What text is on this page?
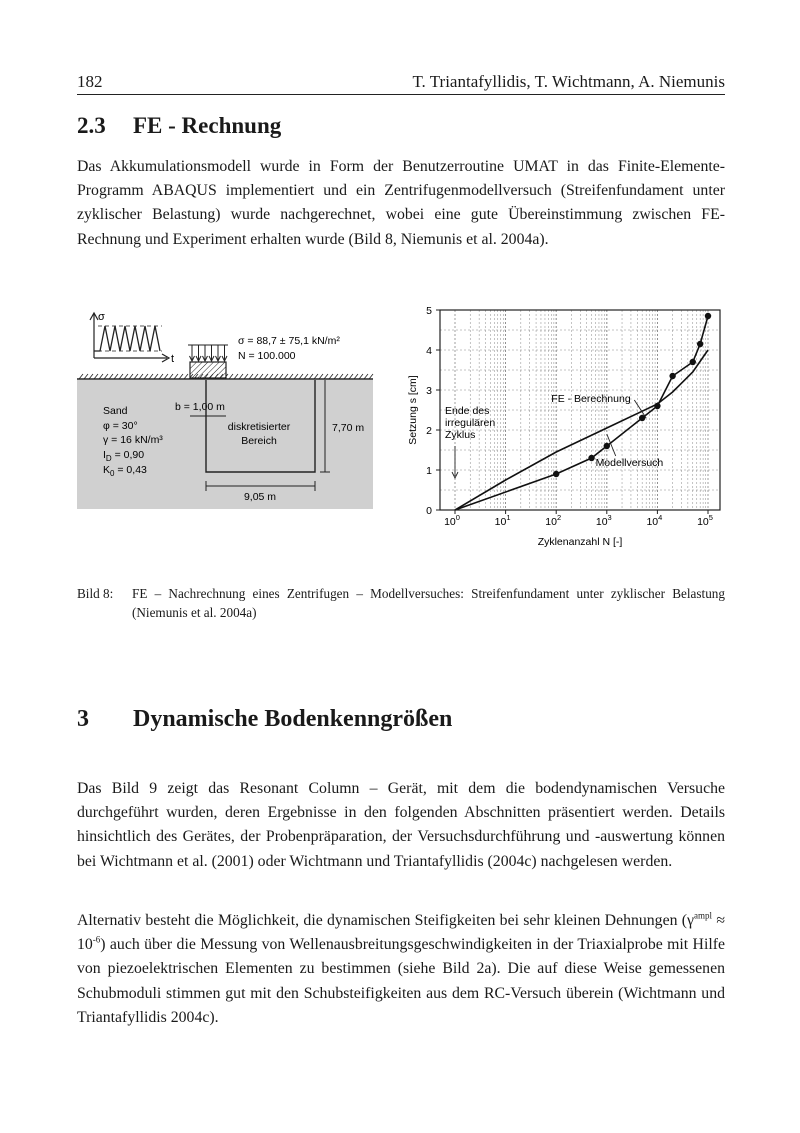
182	T. Triantafyllidis, T. Wichtmann, A. Niemunis
2.3 FE - Rechnung
Das Akkumulationsmodell wurde in Form der Benutzerroutine UMAT in das Finite-Elemente-Programm ABAQUS implementiert und ein Zentrifugenmodellversuch (Streifenfundament unter zyklischer Belastung) wurde nachgerechnet, wobei eine gute Übereinstimmung zwischen FE-Rechnung und Experiment erhalten wurde (Bild 8, Niemunis et al. 2004a).
σ
t
σ = 88,7 ± 75,1 kN/m²
N = 100.000
b = 1,00 m
Sand
φ = 30°
γ = 16 kN/m³
$I_D = 0,90$
$K_0 = 0,43$
diskretisierter
Bereich
7,70 m
9,05 m
0
1
2
3
4
5
$10^0$	$10^1$	$10^2$	$10^3$	$10^4$	$10^5$
Setzung s [cm]
Zyklenanzahl N [-]
FE - Berechnung
Ende des
irregulären
Zyklus
Modellversuch
Bild 8: FE – Nachrechnung eines Zentrifugen – Modellversuches: Streifenfundament unter zyklischer Belastung (Niemunis et al. 2004a)
3 Dynamische Bodenkenngrößen
Das Bild 9 zeigt das Resonant Column – Gerät, mit dem die bodendynamischen Versuche durchgeführt wurden, deren Ergebnisse in den folgenden Abschnitten präsentiert werden. Details hinsichtlich des Gerätes, der Probenpräparation, der Versuchsdurchführung und -auswertung können bei Wichtmann et al. (2001) oder Wichtmann und Triantafyllidis (2004c) nachgelesen werden.
Alternativ besteht die Möglichkeit, die dynamischen Steifigkeiten bei sehr kleinen Dehnungen $(\gamma^{ampl} \approx 10^{-6})$ auch über die Messung von Wellenausbreitungsgeschwindigkeiten in der Triaxialprobe mit Hilfe von piezoelektrischen Elementen zu bestimmen (siehe Bild 2a). Die auf diese Weise gemessenen Schubmoduli stimmen gut mit den Schubsteifigkeiten aus dem RC-Versuch überein (Wichtmann und Triantafyllidis 2004c).
